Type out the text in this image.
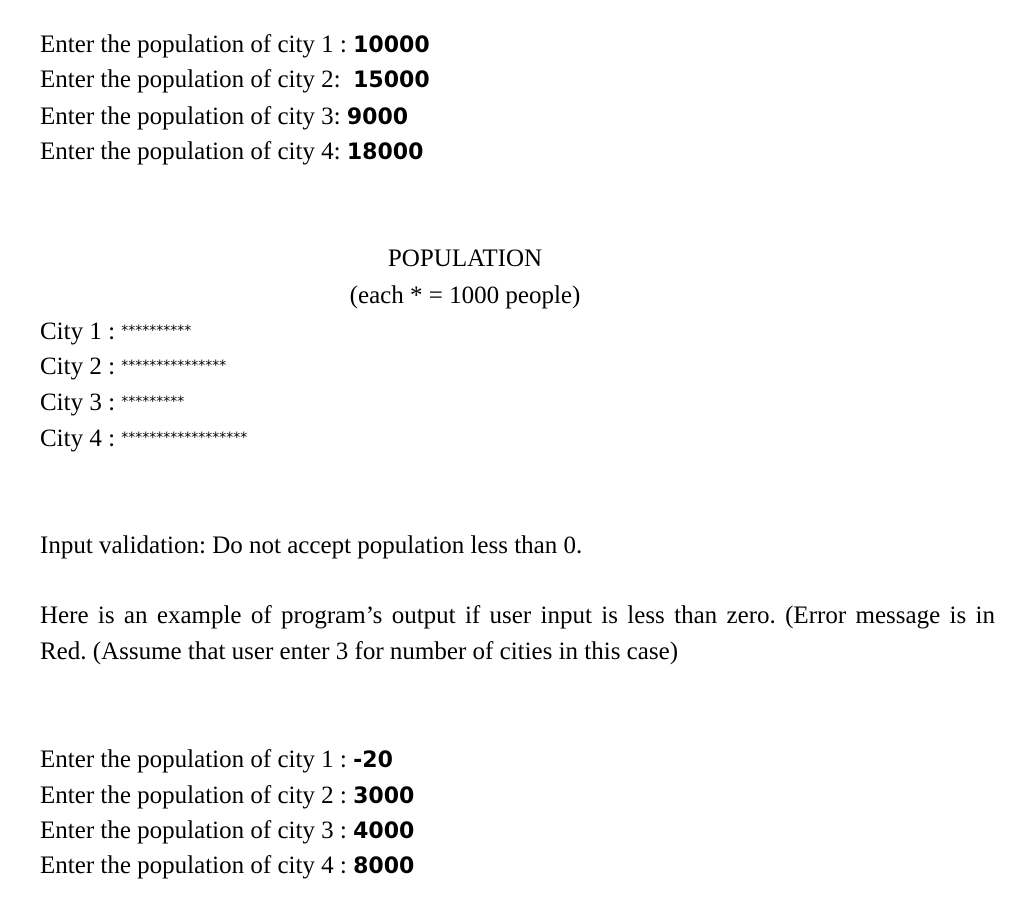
Enter the population of city 1 : 10000
Enter the population of city 2:  15000
Enter the population of city 3: 9000
Enter the population of city 4: 18000
POPULATION
(each * = 1000 people)
City 1 : **********
City 2 : ***************
City 3 : *********
City 4 : ******************
Input validation: Do not accept population less than 0.
Here is an example of program’s output if user input is less than zero. (Error message is in Red. (Assume that user enter 3 for number of cities in this case)
Enter the population of city 1 : -20
Enter the population of city 2 : 3000
Enter the population of city 3 : 4000
Enter the population of city 4 : 8000
